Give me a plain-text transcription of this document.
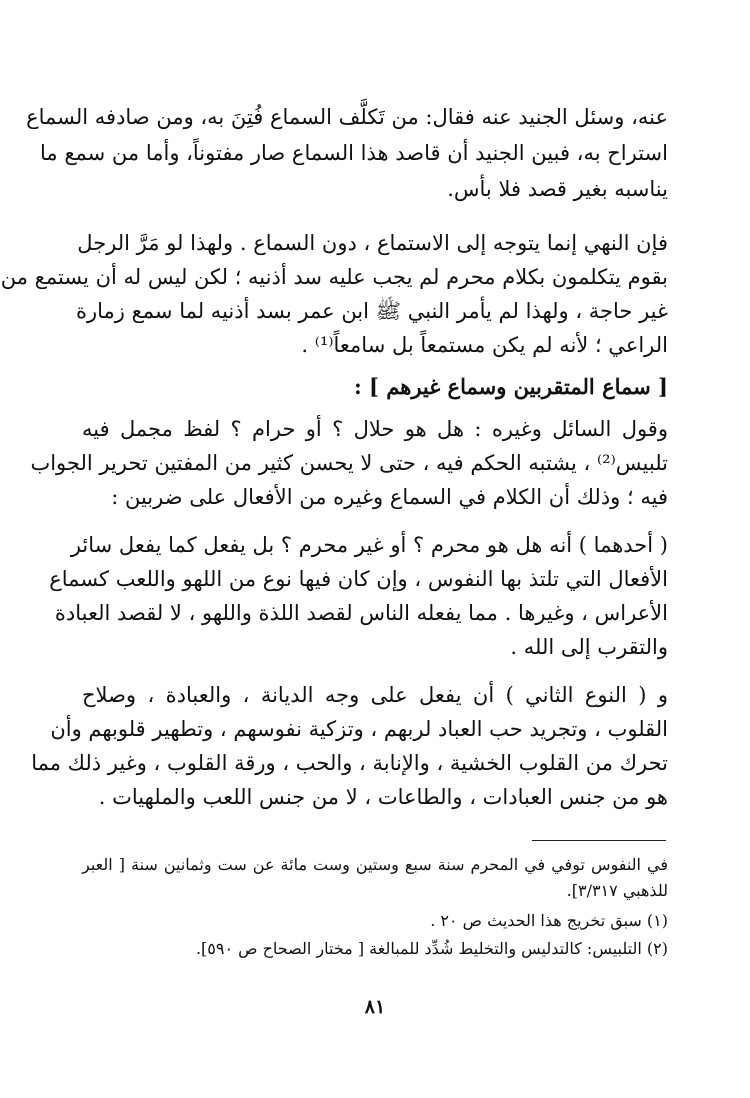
عنه، وسئل الجنيد عنه فقال: من تَكلَّف السماع فُتِنَ به، ومن صادفه السماع
استراح به، فبين الجنيد أن قاصد هذا السماع صار مفتوناً، وأما من سمع ما
يناسبه بغير قصد فلا بأس.
فإن النهي إنما يتوجه إلى الاستماع ، دون السماع . ولهذا لو مَرَّ الرجل
بقوم يتكلمون بكلام محرم لم يجب عليه سد أذنيه ؛ لكن ليس له أن يستمع من
غير حاجة ، ولهذا لم يأمر النبي ﷺ ابن عمر بسد أذنيه لما سمع زمارة
الراعي ؛ لأنه لم يكن مستمعاً بل سامعاً⁽¹⁾ .
[ سماع المتقربين وسماع غيرهم ] :
وقول السائل وغيره : هل هو حلال ؟ أو حرام ؟ لفظ مجمل فيه
تلبيس⁽²⁾ ، يشتبه الحكم فيه ، حتى لا يحسن كثير من المفتين تحرير الجواب
فيه ؛ وذلك أن الكلام في السماع وغيره من الأفعال على ضربين :
( أحدهما ) أنه هل هو محرم ؟ أو غير محرم ؟ بل يفعل كما يفعل سائر
الأفعال التي تلتذ بها النفوس ، وإن كان فيها نوع من اللهو واللعب كسماع
الأعراس ، وغيرها . مما يفعله الناس لقصد اللذة واللهو ، لا لقصد العبادة
والتقرب إلى الله .
و ( النوع الثاني ) أن يفعل على وجه الديانة ، والعبادة ، وصلاح
القلوب ، وتجريد حب العباد لربهم ، وتزكية نفوسهم ، وتطهير قلوبهم وأن
تحرك من القلوب الخشية ، والإنابة ، والحب ، ورقة القلوب ، وغير ذلك مما
هو من جنس العبادات ، والطاعات ، لا من جنس اللعب والملهيات .
في النفوس توفي في المحرم سنة سبع وستين وست مائة عن ست وثمانين سنة [ العبر
للذهبي ٣/٣١٧].
(١) سبق تخريج هذا الحديث ص ٢٠ .
(٢) التلبيس: كالتدليس والتخليط شُدِّد للمبالغة [ مختار الصحاح ص ٥٩٠].
٨١
